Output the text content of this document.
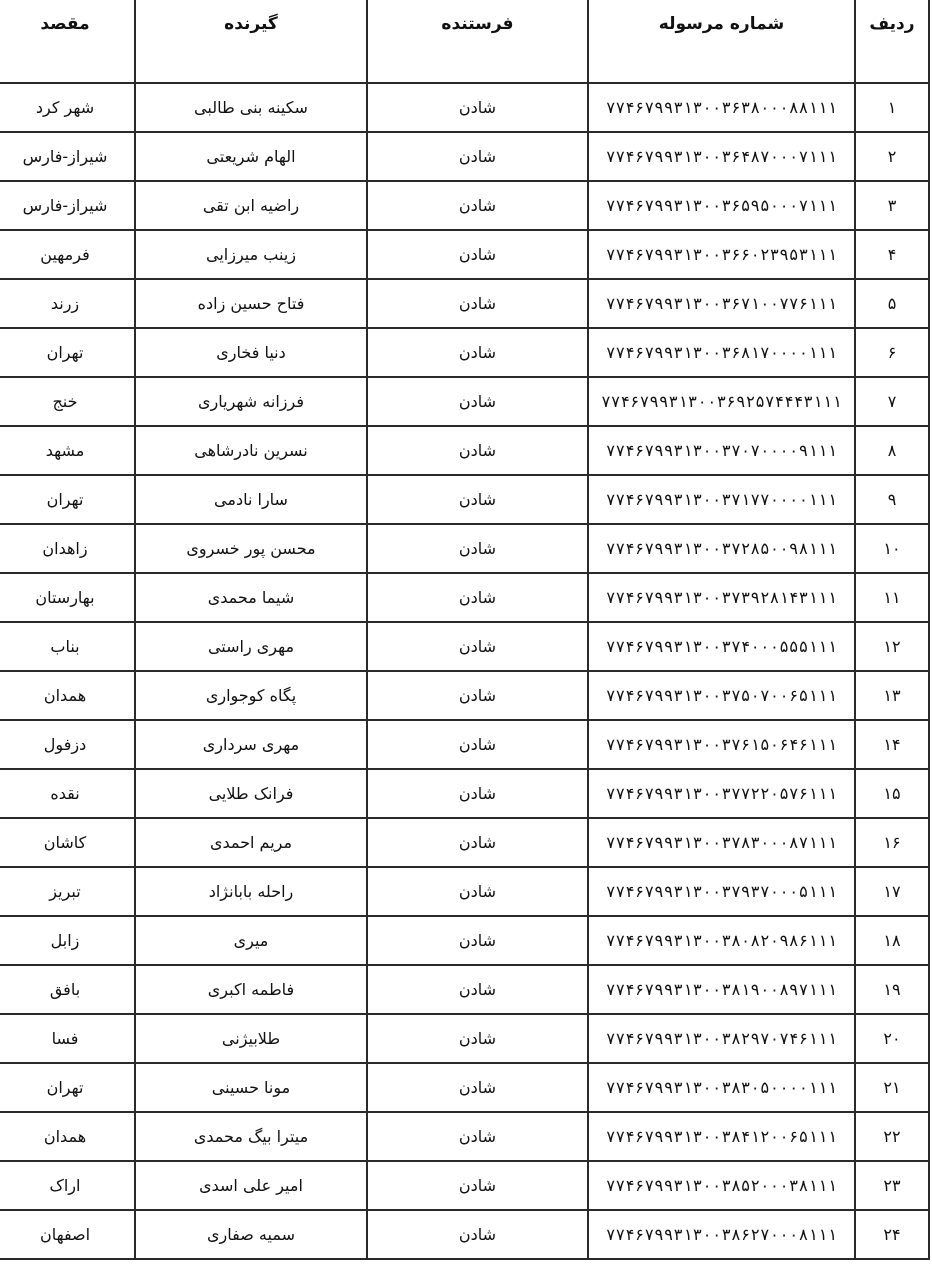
ردیف	شماره مرسوله	فرستنده	گیرنده	مقصد
۱	۷۷۴۶۷۹۹۳۱۳۰۰۳۶۳۸۰۰۰۸۸۱۱۱	شادن	سکینه بنی طالبی	شهر کرد
۲	۷۷۴۶۷۹۹۳۱۳۰۰۳۶۴۸۷۰۰۰۷۱۱۱	شادن	الهام شریعتی	شیراز-فارس
۳	۷۷۴۶۷۹۹۳۱۳۰۰۳۶۵۹۵۰۰۰۷۱۱۱	شادن	راضیه ابن تقی	شیراز-فارس
۴	۷۷۴۶۷۹۹۳۱۳۰۰۳۶۶۰۲۳۹۵۳۱۱۱	شادن	زینب میرزایی	فرمهین
۵	۷۷۴۶۷۹۹۳۱۳۰۰۳۶۷۱۰۰۷۷۶۱۱۱	شادن	فتاح حسین زاده	زرند
۶	۷۷۴۶۷۹۹۳۱۳۰۰۳۶۸۱۷۰۰۰۰۱۱۱	شادن	دنیا فخاری	تهران
۷	۷۷۴۶۷۹۹۳۱۳۰۰۳۶۹۲۵۷۴۴۴۳۱۱۱	شادن	فرزانه شهریاری	خنج
۸	۷۷۴۶۷۹۹۳۱۳۰۰۳۷۰۷۰۰۰۰۹۱۱۱	شادن	نسرین نادرشاهی	مشهد
۹	۷۷۴۶۷۹۹۳۱۳۰۰۳۷۱۷۷۰۰۰۰۱۱۱	شادن	سارا نادمی	تهران
۱۰	۷۷۴۶۷۹۹۳۱۳۰۰۳۷۲۸۵۰۰۹۸۱۱۱	شادن	محسن پور خسروی	زاهدان
۱۱	۷۷۴۶۷۹۹۳۱۳۰۰۳۷۳۹۲۸۱۴۳۱۱۱	شادن	شیما محمدی	بهارستان
۱۲	۷۷۴۶۷۹۹۳۱۳۰۰۳۷۴۰۰۰۵۵۵۱۱۱	شادن	مهری راستی	بناب
۱۳	۷۷۴۶۷۹۹۳۱۳۰۰۳۷۵۰۷۰۰۶۵۱۱۱	شادن	پگاه کوجواری	همدان
۱۴	۷۷۴۶۷۹۹۳۱۳۰۰۳۷۶۱۵۰۶۴۶۱۱۱	شادن	مهری سرداری	دزفول
۱۵	۷۷۴۶۷۹۹۳۱۳۰۰۳۷۷۲۲۰۵۷۶۱۱۱	شادن	فرانک طلایی	نقده
۱۶	۷۷۴۶۷۹۹۳۱۳۰۰۳۷۸۳۰۰۰۸۷۱۱۱	شادن	مریم احمدی	کاشان
۱۷	۷۷۴۶۷۹۹۳۱۳۰۰۳۷۹۳۷۰۰۰۵۱۱۱	شادن	راحله بابانژاد	تبریز
۱۸	۷۷۴۶۷۹۹۳۱۳۰۰۳۸۰۸۲۰۹۸۶۱۱۱	شادن	میری	زابل
۱۹	۷۷۴۶۷۹۹۳۱۳۰۰۳۸۱۹۰۰۸۹۷۱۱۱	شادن	فاطمه اکبری	بافق
۲۰	۷۷۴۶۷۹۹۳۱۳۰۰۳۸۲۹۷۰۷۴۶۱۱۱	شادن	طلابیژنی	فسا
۲۱	۷۷۴۶۷۹۹۳۱۳۰۰۳۸۳۰۵۰۰۰۰۱۱۱	شادن	مونا حسینی	تهران
۲۲	۷۷۴۶۷۹۹۳۱۳۰۰۳۸۴۱۲۰۰۶۵۱۱۱	شادن	میترا بیگ محمدی	همدان
۲۳	۷۷۴۶۷۹۹۳۱۳۰۰۳۸۵۲۰۰۰۳۸۱۱۱	شادن	امیر علی اسدی	اراک
۲۴	۷۷۴۶۷۹۹۳۱۳۰۰۳۸۶۲۷۰۰۰۸۱۱۱	شادن	سمیه صفاری	اصفهان
